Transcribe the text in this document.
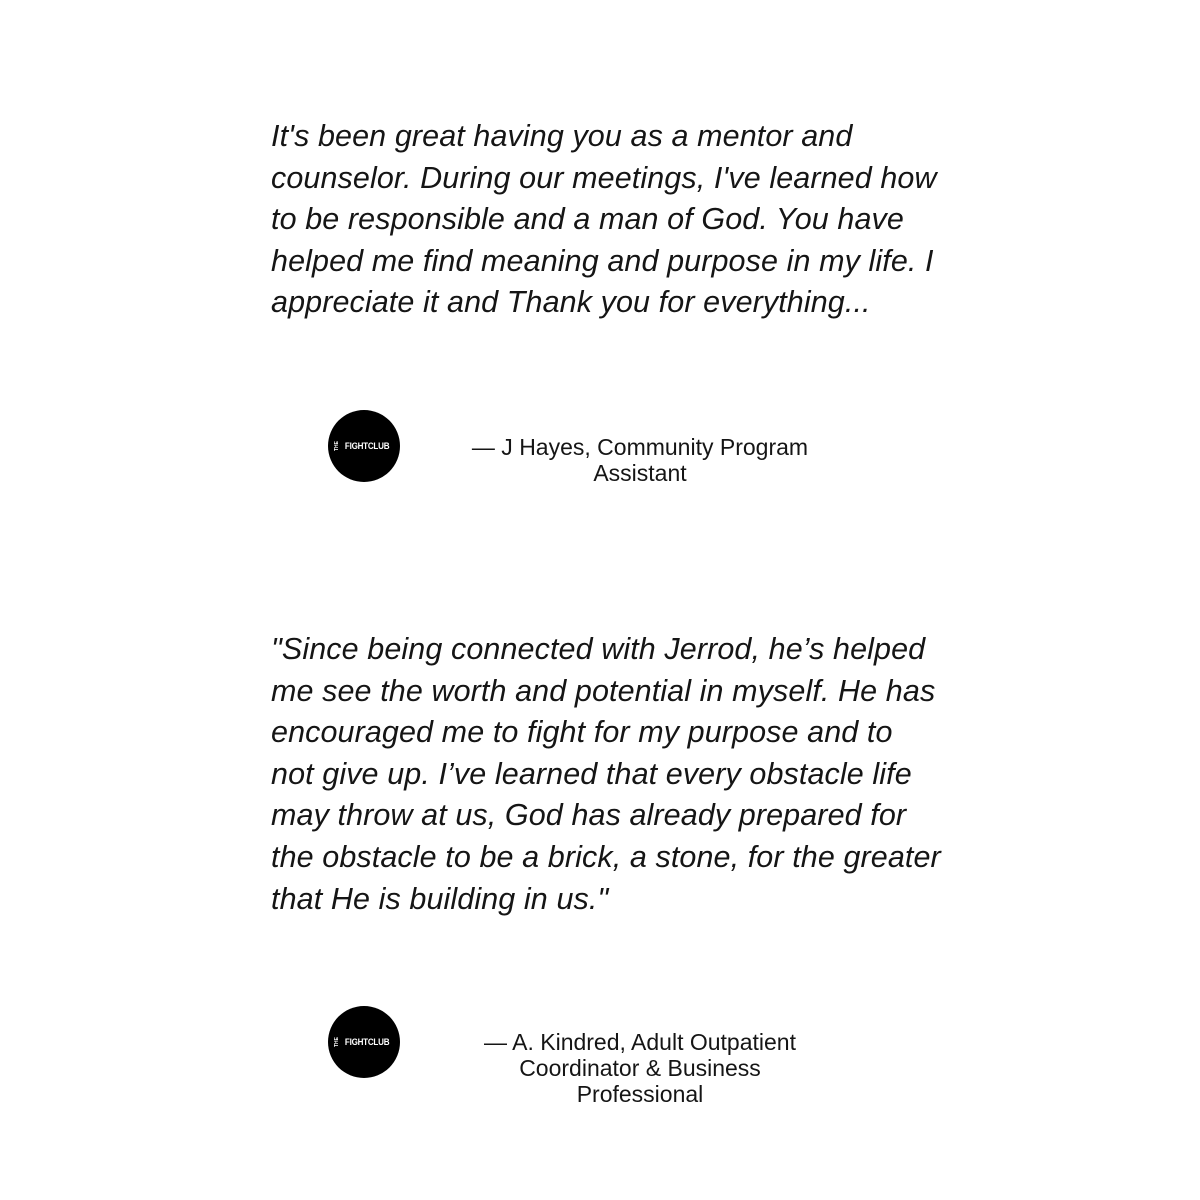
It's been great having you as a mentor and counselor. During our meetings, I've learned how to be responsible and a man of God. You have helped me find meaning and purpose in my life. I appreciate it and Thank you for everything...

THE FIGHTCLUB	— J Hayes, Community Program Assistant

"Since being connected with Jerrod, he’s helped me see the worth and potential in myself. He has encouraged me to fight for my purpose and to not give up. I’ve learned that every obstacle life may throw at us, God has already prepared for the obstacle to be a brick, a stone, for the greater that He is building in us."

THE FIGHTCLUB	— A. Kindred, Adult Outpatient Coordinator & Business Professional
